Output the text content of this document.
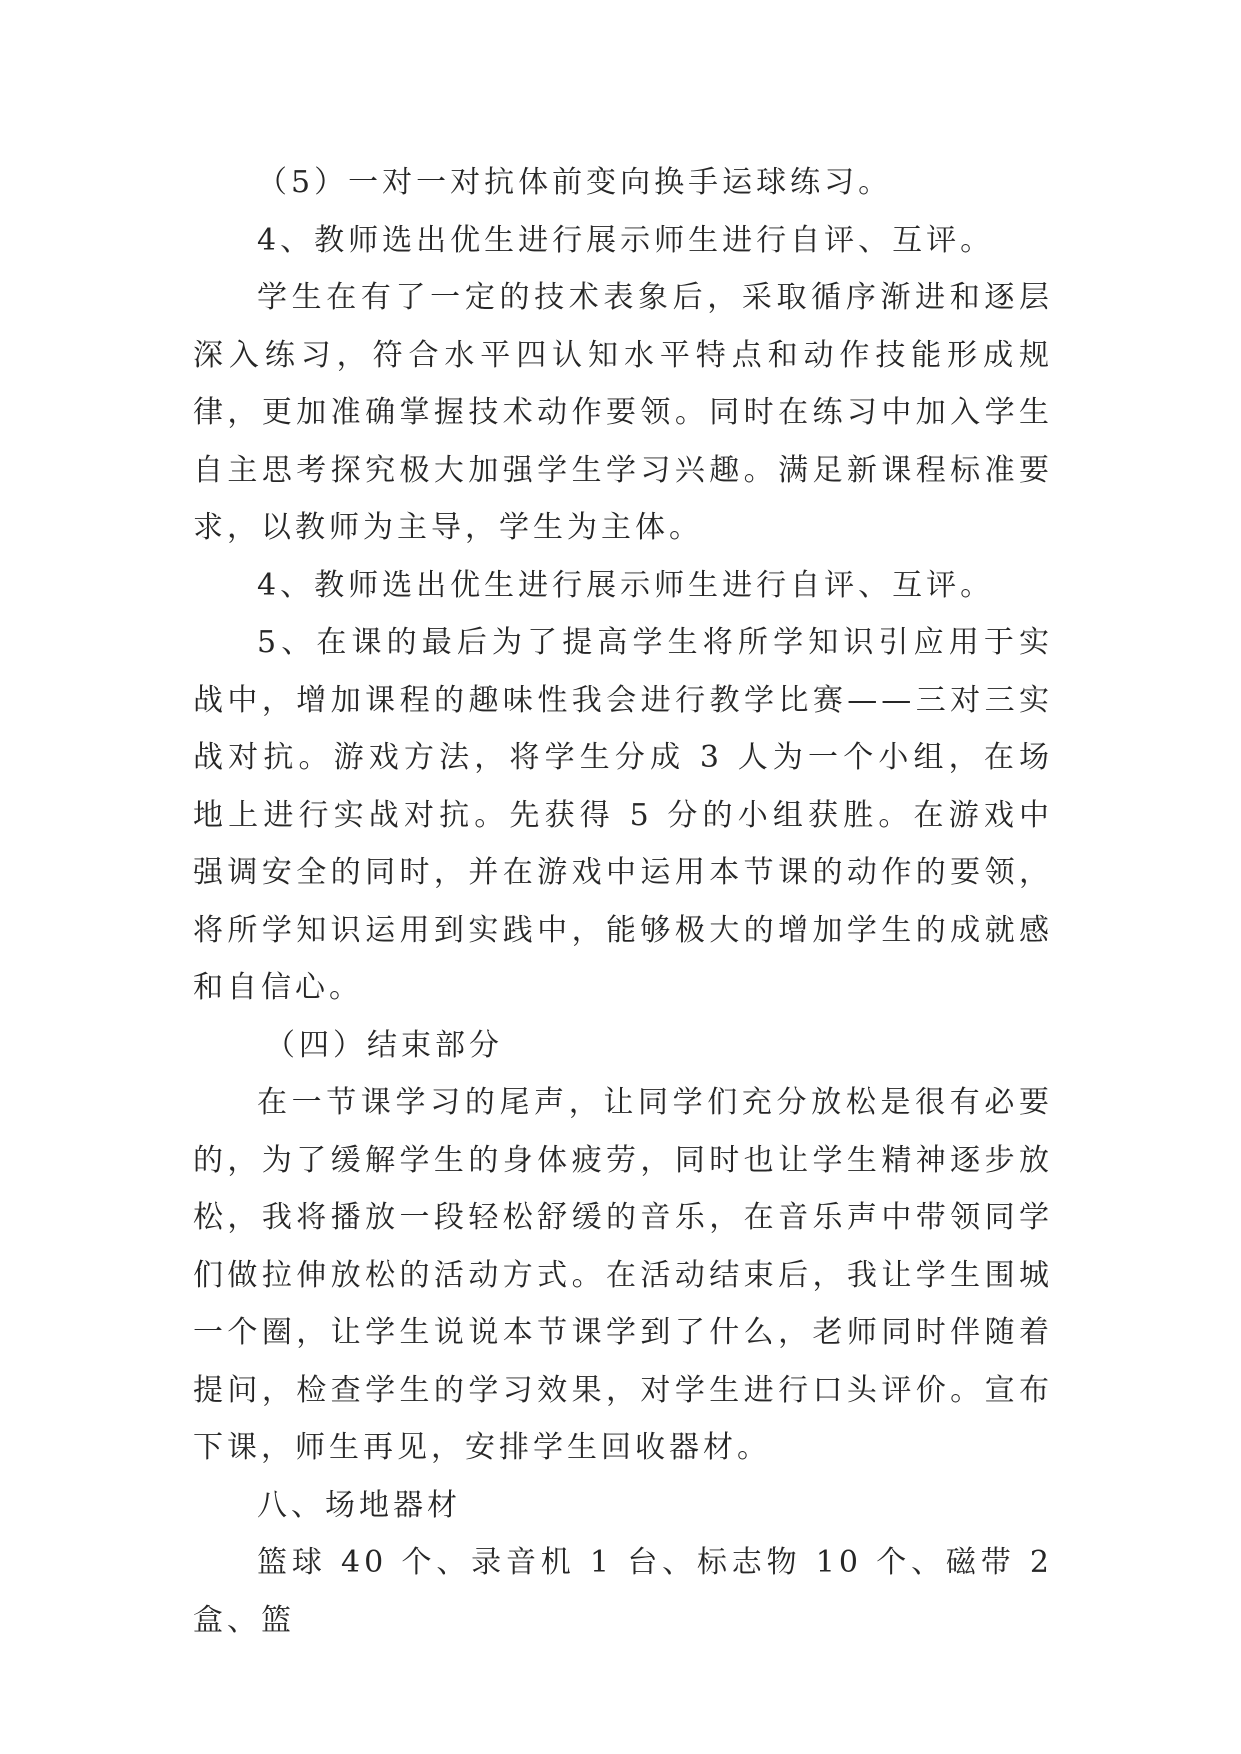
（5）一对一对抗体前变向换手运球练习。

4、教师选出优生进行展示师生进行自评、互评。

学生在有了一定的技术表象后，采取循序渐进和逐层深入练习，符合水平四认知水平特点和动作技能形成规律，更加准确掌握技术动作要领。同时在练习中加入学生自主思考探究极大加强学生学习兴趣。满足新课程标准要求，以教师为主导，学生为主体。

4、教师选出优生进行展示师生进行自评、互评。

5、在课的最后为了提高学生将所学知识引应用于实战中，增加课程的趣味性我会进行教学比赛——三对三实战对抗。游戏方法，将学生分成 3 人为一个小组，在场地上进行实战对抗。先获得 5 分的小组获胜。在游戏中强调安全的同时，并在游戏中运用本节课的动作的要领，将所学知识运用到实践中，能够极大的增加学生的成就感和自信心。

（四）结束部分

在一节课学习的尾声，让同学们充分放松是很有必要的，为了缓解学生的身体疲劳，同时也让学生精神逐步放松，我将播放一段轻松舒缓的音乐，在音乐声中带领同学们做拉伸放松的活动方式。在活动结束后，我让学生围城一个圈，让学生说说本节课学到了什么，老师同时伴随着提问，检查学生的学习效果，对学生进行口头评价。宣布下课，师生再见，安排学生回收器材。

八、场地器材

篮球 40 个、录音机 1 台、标志物 10 个、磁带 2 盒、篮
